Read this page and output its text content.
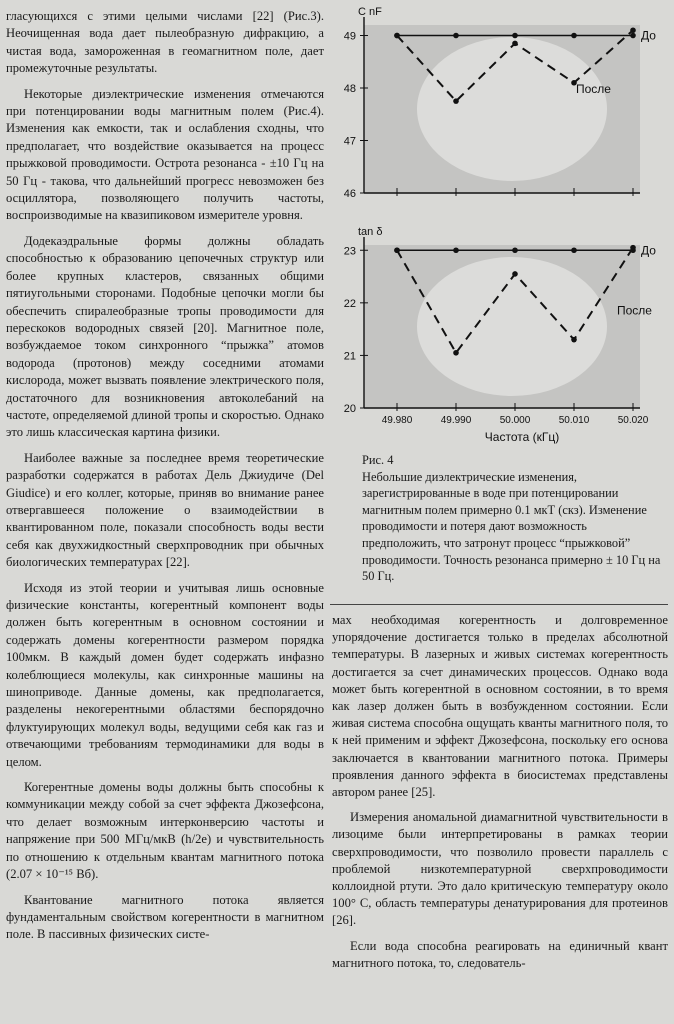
гласующихся с этими целыми числами [22] (Рис.3). Неочищенная вода дает пылеобразную дифракцию, а чистая вода, замороженная в геомагнитном поле, дает промежуточные результаты.

Некоторые диэлектрические изменения отмечаются при потенцировании воды магнитным полем (Рис.4). Изменения как емкости, так и ослабления сходны, что предполагает, что воздействие оказывается на процесс прыжковой проводимости. Острота резонанса - ±10 Гц на 50 Гц - такова, что дальнейший прогресс невозможен без осциллятора, позволяющего получить частоты, воспроизводимые на квазипиковом измерителе уровня.

Додекаэдральные формы должны обладать способностью к образованию цепочечных структур или более крупных кластеров, связанных общими пятиугольными сторонами. Подобные цепочки могли бы обеспечить спиралеобразные тропы проводимости для перескоков водородных связей [20]. Магнитное поле, возбуждаемое током синхронного “прыжка” атомов водорода (протонов) между соседними атомами кислорода, может вызвать появление электрического поля, достаточного для возникновения автоколебаний на частоте, определяемой длиной тропы и скоростью. Однако это лишь классическая картина физики.

Наиболее важные за последнее время теоретические разработки содержатся в работах Дель Джиудиче (Del Giudice) и его коллег, которые, приняв во внимание ранее отвергавшееся положение о взаимодействии в квантированном поле, показали способность воды вести себя как двухжидкостный сверхпроводник при обычных биологических температурах [22].

Исходя из этой теории и учитывая лишь основные физические константы, когерентный компонент воды должен быть когерентным в основном состоянии и содержать домены когерентности размером порядка 100мкм. В каждый домен будет содержать инфазно колеблющиеся молекулы, как синхронные машины на шиноприводе. Данные домены, как предполагается, разделены некогерентными областями беспорядочно флуктуирующих молекул воды, ведущими себя как газ и отвечающими требованиям термодинамики для воды в целом.

Когерентные домены воды должны быть способны к коммуникации между собой за счет эффекта Джозефсона, что делает возможным интерконверсию частоты и напряжение при 500 МГц/мкВ (h/2e) и чувствительность по отношению к отдельным квантам магнитного потока (2.07 × 10⁻¹⁵ Вб).

Квантование магнитного потока является фундаментальным свойством когерентности в магнитном поле. В пассивных физических систе-

46
47
48
49
C nF
До
После
20
21
22
23
49.980	49.990	50.000	50.010	50.020
tan δ
Частота (кГц)
До
После
Рис. 4
Небольшие диэлектрические изменения, зарегистрированные в воде при потенцировании магнитным полем примерно 0.1 мкТ (скз). Изменение проводимости и потеря дают возможность предположить, что затронут процесс “прыжковой” проводимости. Точность резонанса примерно ± 10 Гц на 50 Гц.

мах необходимая когерентность и долговременное упорядочение достигается только в пределах абсолютной температуры. В лазерных и живых системах когерентность достигается за счет динамических процессов. Однако вода может быть когерентной в основном состоянии, в то время как лазер должен быть в возбужденном состоянии. Если живая система способна ощущать кванты магнитного поля, то к ней применим и эффект Джозефсона, поскольку его основа заключается в квантовании магнитного потока. Примеры проявления данного эффекта в биосистемах представлены автором ранее [25].

Измерения аномальной диамагнитной чувствительности в лизоциме были интерпретированы в рамках теории сверхпроводимости, что позволило провести параллель с проблемой низкотемпературной сверхпроводимости коллоидной ртути. Это дало критическую температуру около 100° С, область температуры денатурирования для протеинов [26].

Если вода способна реагировать на единичный квант магнитного потока, то, следователь-
